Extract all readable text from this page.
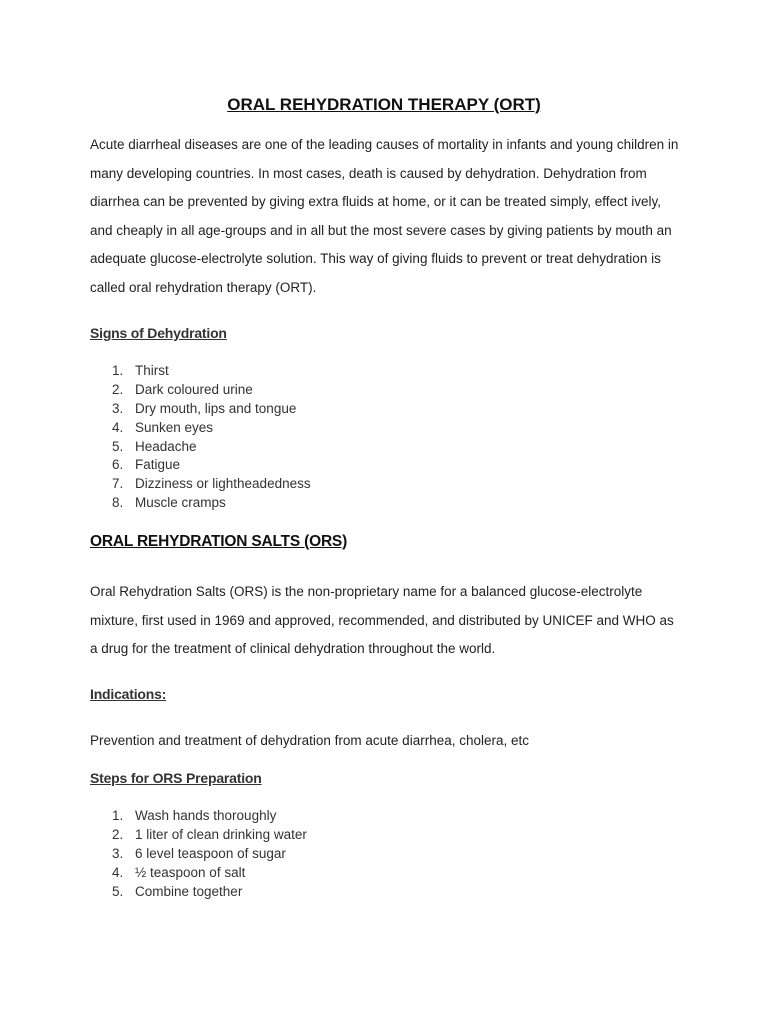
ORAL REHYDRATION THERAPY (ORT)

Acute diarrheal diseases are one of the leading causes of mortality in infants and young children in many developing countries. In most cases, death is caused by dehydration. Dehydration from diarrhea can be prevented by giving extra fluids at home, or it can be treated simply, effect ively, and cheaply in all age-groups and in all but the most severe cases by giving patients by mouth an adequate glucose-electrolyte solution. This way of giving fluids to prevent or treat dehydration is called oral rehydration therapy (ORT).

Signs of Dehydration
1. Thirst
2. Dark coloured urine
3. Dry mouth, lips and tongue
4. Sunken eyes
5. Headache
6. Fatigue
7. Dizziness or lightheadedness
8. Muscle cramps
ORAL REHYDRATION SALTS (ORS)

Oral Rehydration Salts (ORS) is the non-proprietary name for a balanced glucose-electrolyte mixture, first used in 1969 and approved, recommended, and distributed by UNICEF and WHO as a drug for the treatment of clinical dehydration throughout the world.

Indications:

Prevention and treatment of dehydration from acute diarrhea, cholera, etc

Steps for ORS Preparation
1. Wash hands thoroughly
2. 1 liter of clean drinking water
3. 6 level teaspoon of sugar
4. ½ teaspoon of salt
5. Combine together
